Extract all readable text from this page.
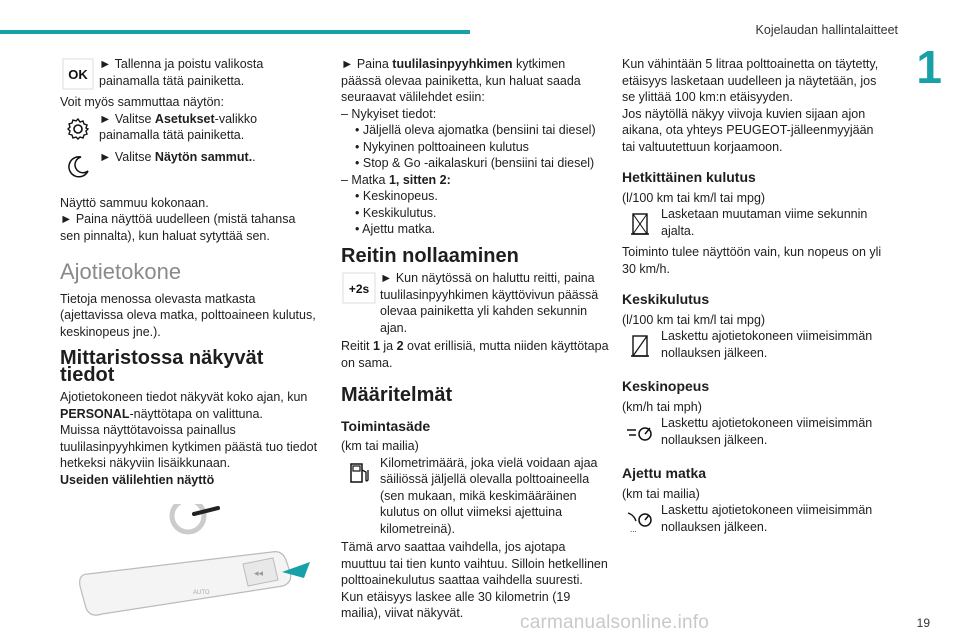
Kojelaudan hallintalaitteet
1
19
carmanualsonline.info
OK

► Tallenna ja poistu valikosta painamalla tätä painiketta.

Voit myös sammuttaa näytön:

► Valitse Asetukset-valikko painamalla tätä painiketta.

► Valitse Näytön sammut..

Näyttö sammuu kokonaan.

► Paina näyttöä uudelleen (mistä tahansa sen pinnalta), kun haluat sytyttää sen.

Ajotietokone

Tietoja menossa olevasta matkasta (ajettavissa oleva matka, polttoaineen kulutus, keskinopeus jne.).

Mittaristossa näkyvät tiedot

Ajotietokoneen tiedot näkyvät koko ajan, kun PERSONAL-näyttötapa on valittuna.

Muissa näyttötavoissa painallus tuulilasinpyyhkimen kytkimen päästä tuo tiedot hetkeksi näkyviin lisäikkunaan.

Useiden välilehtien näyttö

◂◂
AUTO

► Paina tuulilasinpyyhkimen kytkimen päässä olevaa painiketta, kun haluat saada seuraavat välilehdet esiin:

– Nykyiset tiedot:

• Jäljellä oleva ajomatka (bensiini tai diesel)

• Nykyinen polttoaineen kulutus

• Stop & Go -aikalaskuri (bensiini tai diesel)

– Matka 1, sitten 2:

• Keskinopeus.

• Keskikulutus.

• Ajettu matka.

Reitin nollaaminen
+2s

► Kun näytössä on haluttu reitti, paina tuulilasinpyyhkimen käyttövivun päässä olevaa painiketta yli kahden sekunnin ajan.

Reitit 1 ja 2 ovat erillisiä, mutta niiden käyttötapa on sama.

Määritelmät
Toimintasäde

(km tai mailia)

Kilometrimäärä, joka vielä voidaan ajaa säiliössä jäljellä olevalla polttoaineella (sen mukaan, mikä keskimääräinen kulutus on ollut viimeksi ajettuina kilometreinä).

Tämä arvo saattaa vaihdella, jos ajotapa muuttuu tai tien kunto vaihtuu. Silloin hetkellinen polttoainekulutus saattaa vaihdella suuresti.

Kun etäisyys laskee alle 30 kilometrin (19 mailia), viivat näkyvät.

Kun vähintään 5 litraa polttoainetta on täytetty, etäisyys lasketaan uudelleen ja näytetään, jos se ylittää 100 km:n etäisyyden.

Jos näytöllä näkyy viivoja kuvien sijaan ajon aikana, ota yhteys PEUGEOT-jälleenmyyjään tai valtuutettuun korjaamoon.

Hetkittäinen kulutus

(l/100 km tai km/l tai mpg)

Lasketaan muutaman viime sekunnin ajalta.

Toiminto tulee näyttöön vain, kun nopeus on yli 30 km/h.

Keskikulutus

(l/100 km tai km/l tai mpg)

Laskettu ajotietokoneen viimeisimmän nollauksen jälkeen.

Keskinopeus

(km/h tai mph)

Laskettu ajotietokoneen viimeisimmän nollauksen jälkeen.

Ajettu matka

(km tai mailia)

...

Laskettu ajotietokoneen viimeisimmän nollauksen jälkeen.
